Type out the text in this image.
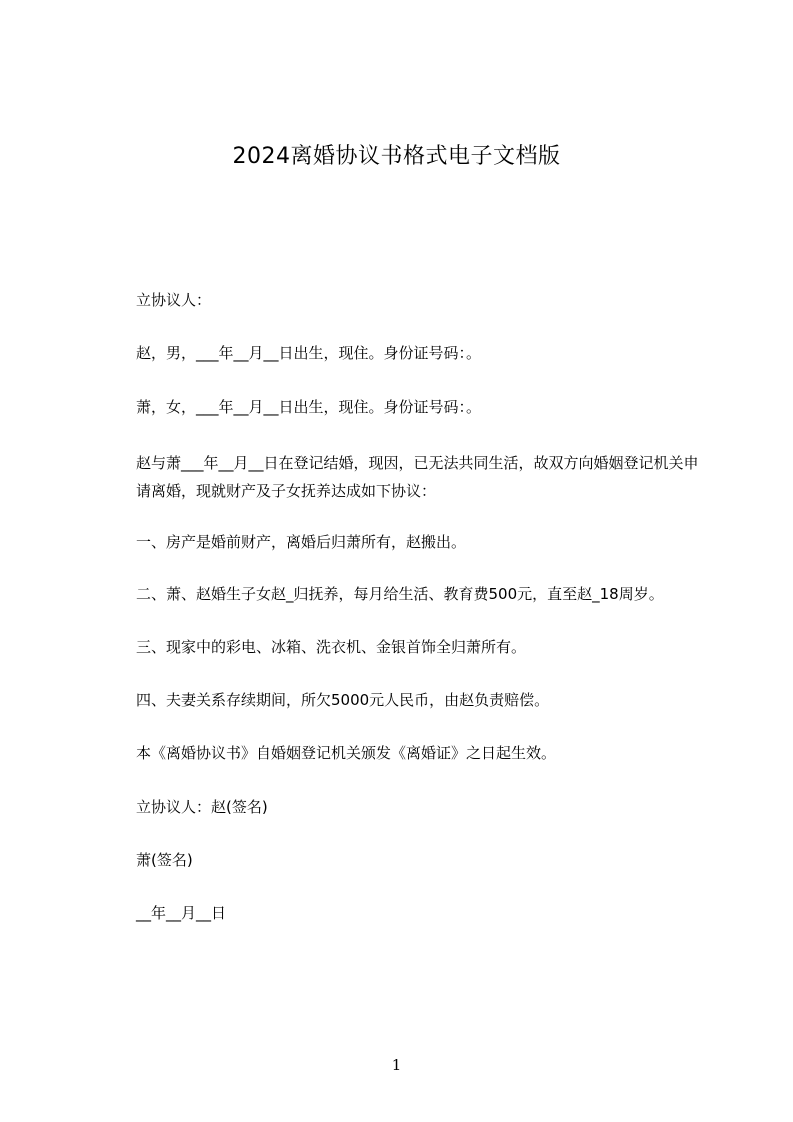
2024离婚协议书格式电子文档版
立协议人：
赵，男，___年__月__日出生，现住。身份证号码：。
萧，女，___年__月__日出生，现住。身份证号码：。
赵与萧___年__月__日在登记结婚，现因，已无法共同生活，故双方向婚姻登记机关申请离婚，现就财产及子女抚养达成如下协议：
一、房产是婚前财产，离婚后归萧所有，赵搬出。
二、萧、赵婚生子女赵_归抚养，每月给生活、教育费500元，直至赵_18周岁。
三、现家中的彩电、冰箱、洗衣机、金银首饰全归萧所有。
四、夫妻关系存续期间，所欠5000元人民币，由赵负责赔偿。
本《离婚协议书》自婚姻登记机关颁发《离婚证》之日起生效。
立协议人：赵(签名)
萧(签名)
__年__月__日
1
